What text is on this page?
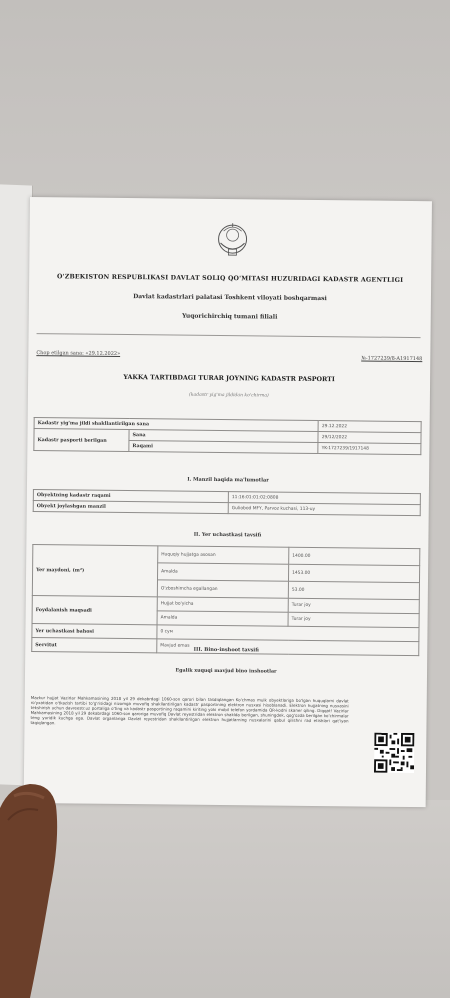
O'ZBEKISTON RESPUBLIKASI DAVLAT SOLIQ QO'MITASI HUZURIDAGI KADASTR AGENTLIGI
Davlat kadastrlari palatasi Toshkent viloyati boshqarmasi
Yuqorichirchiq tumani filiali
Chop etilgan sana: «29.12.2022»
№-1727239/8-A1917148
YAKKA TARTIBDAGI TURAR JOYNING KADASTR PASPORTI
(kadastr yig'ma jildidan ko'chirma)
Kadastr yig'ma jildi shakllantirilgan sana		29.12.2022
Kadastr pasporti berilgan	Sana	29/12/2022
	Raqami	YK-1727239/1917148
I. Manzil haqida ma'lumotlar
Obyektning kadastr raqami	11:16:01:01:02:0808
Obyekt joylashgan manzil	Guliobod MFY, Parvoz kuchasi, 113-uy
II. Yer uchastkasi tavsifi
Yer maydoni, (m²)	Huquqiy hujjatga asosan	1400.00
	Amalda	1453.00
	O'zboshimcha egallangan	53.00
Foydalanish maqsadi	Hujjat bo'yicha	Turar joy
	Amalda	Turar joy
Yer uchastkasi bahosi	0 сум	
Servitut	Mavjud emas	
III. Bino-inshoot tavsifi
Egalik xuquqi mavjud bino inshootlar
Mazkur hujjat Vazirlar Mahkamasining 2018 yil 29 dekabrdagi 1060-son qarori bilan tasdiqlangan Ko'chmas mulk obyektlariga bo'lgan huquqlarni davlat ro'yxatidan o'tkazish tartibi to'g'risidagi nizomga muvofiq shakllantirilgan kadastr pasportining elektron nusxasi hisoblanadi. Elektron hujjatning nusxasini tekshirish uchun davreestr.uz portaliga o'ting va kadastr pasportining raqamini kiriting yoki mobil telefon yordamida QR-kodni skaner qiling. Diqqat! Vazirlar Mahkamasining 2018 yil 29 dekabrdagi 1060-son qaroriga muvofiq Davlat reyestridan elektron shaklda berilgan, shuningdek, qog'ozda berilgan ko'chirmalar teng yuridik kuchga ega. Davlat organlariga Davlat reyestridan shakllantirilgan elektron hujjatlarning nusxalarini qabul qilishni rad etishlari qat'iyan taqiqlangan.
